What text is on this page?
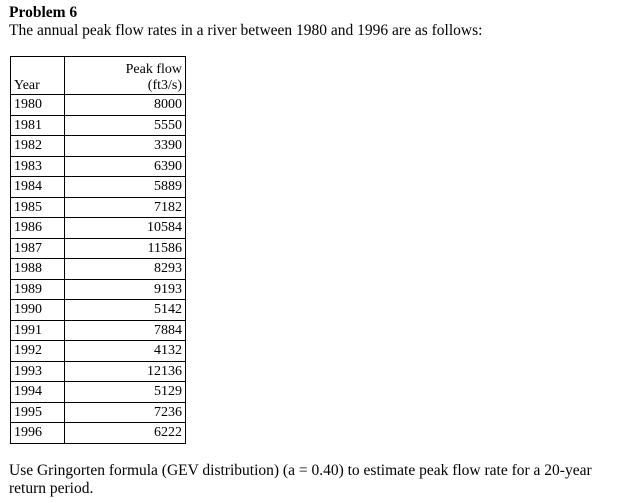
Problem 6
The annual peak flow rates in a river between 1980 and 1996 are as follows:
Year	Peak flow
(ft3/s)

1980	8000
1981	5550
1982	3390
1983	6390
1984	5889
1985	7182
1986	10584
1987	11586
1988	8293
1989	9193
1990	5142
1991	7884
1992	4132
1993	12136
1994	5129
1995	7236
1996	6222
Use Gringorten formula (GEV distribution) (a = 0.40) to estimate peak flow rate for a 20-year return period.
